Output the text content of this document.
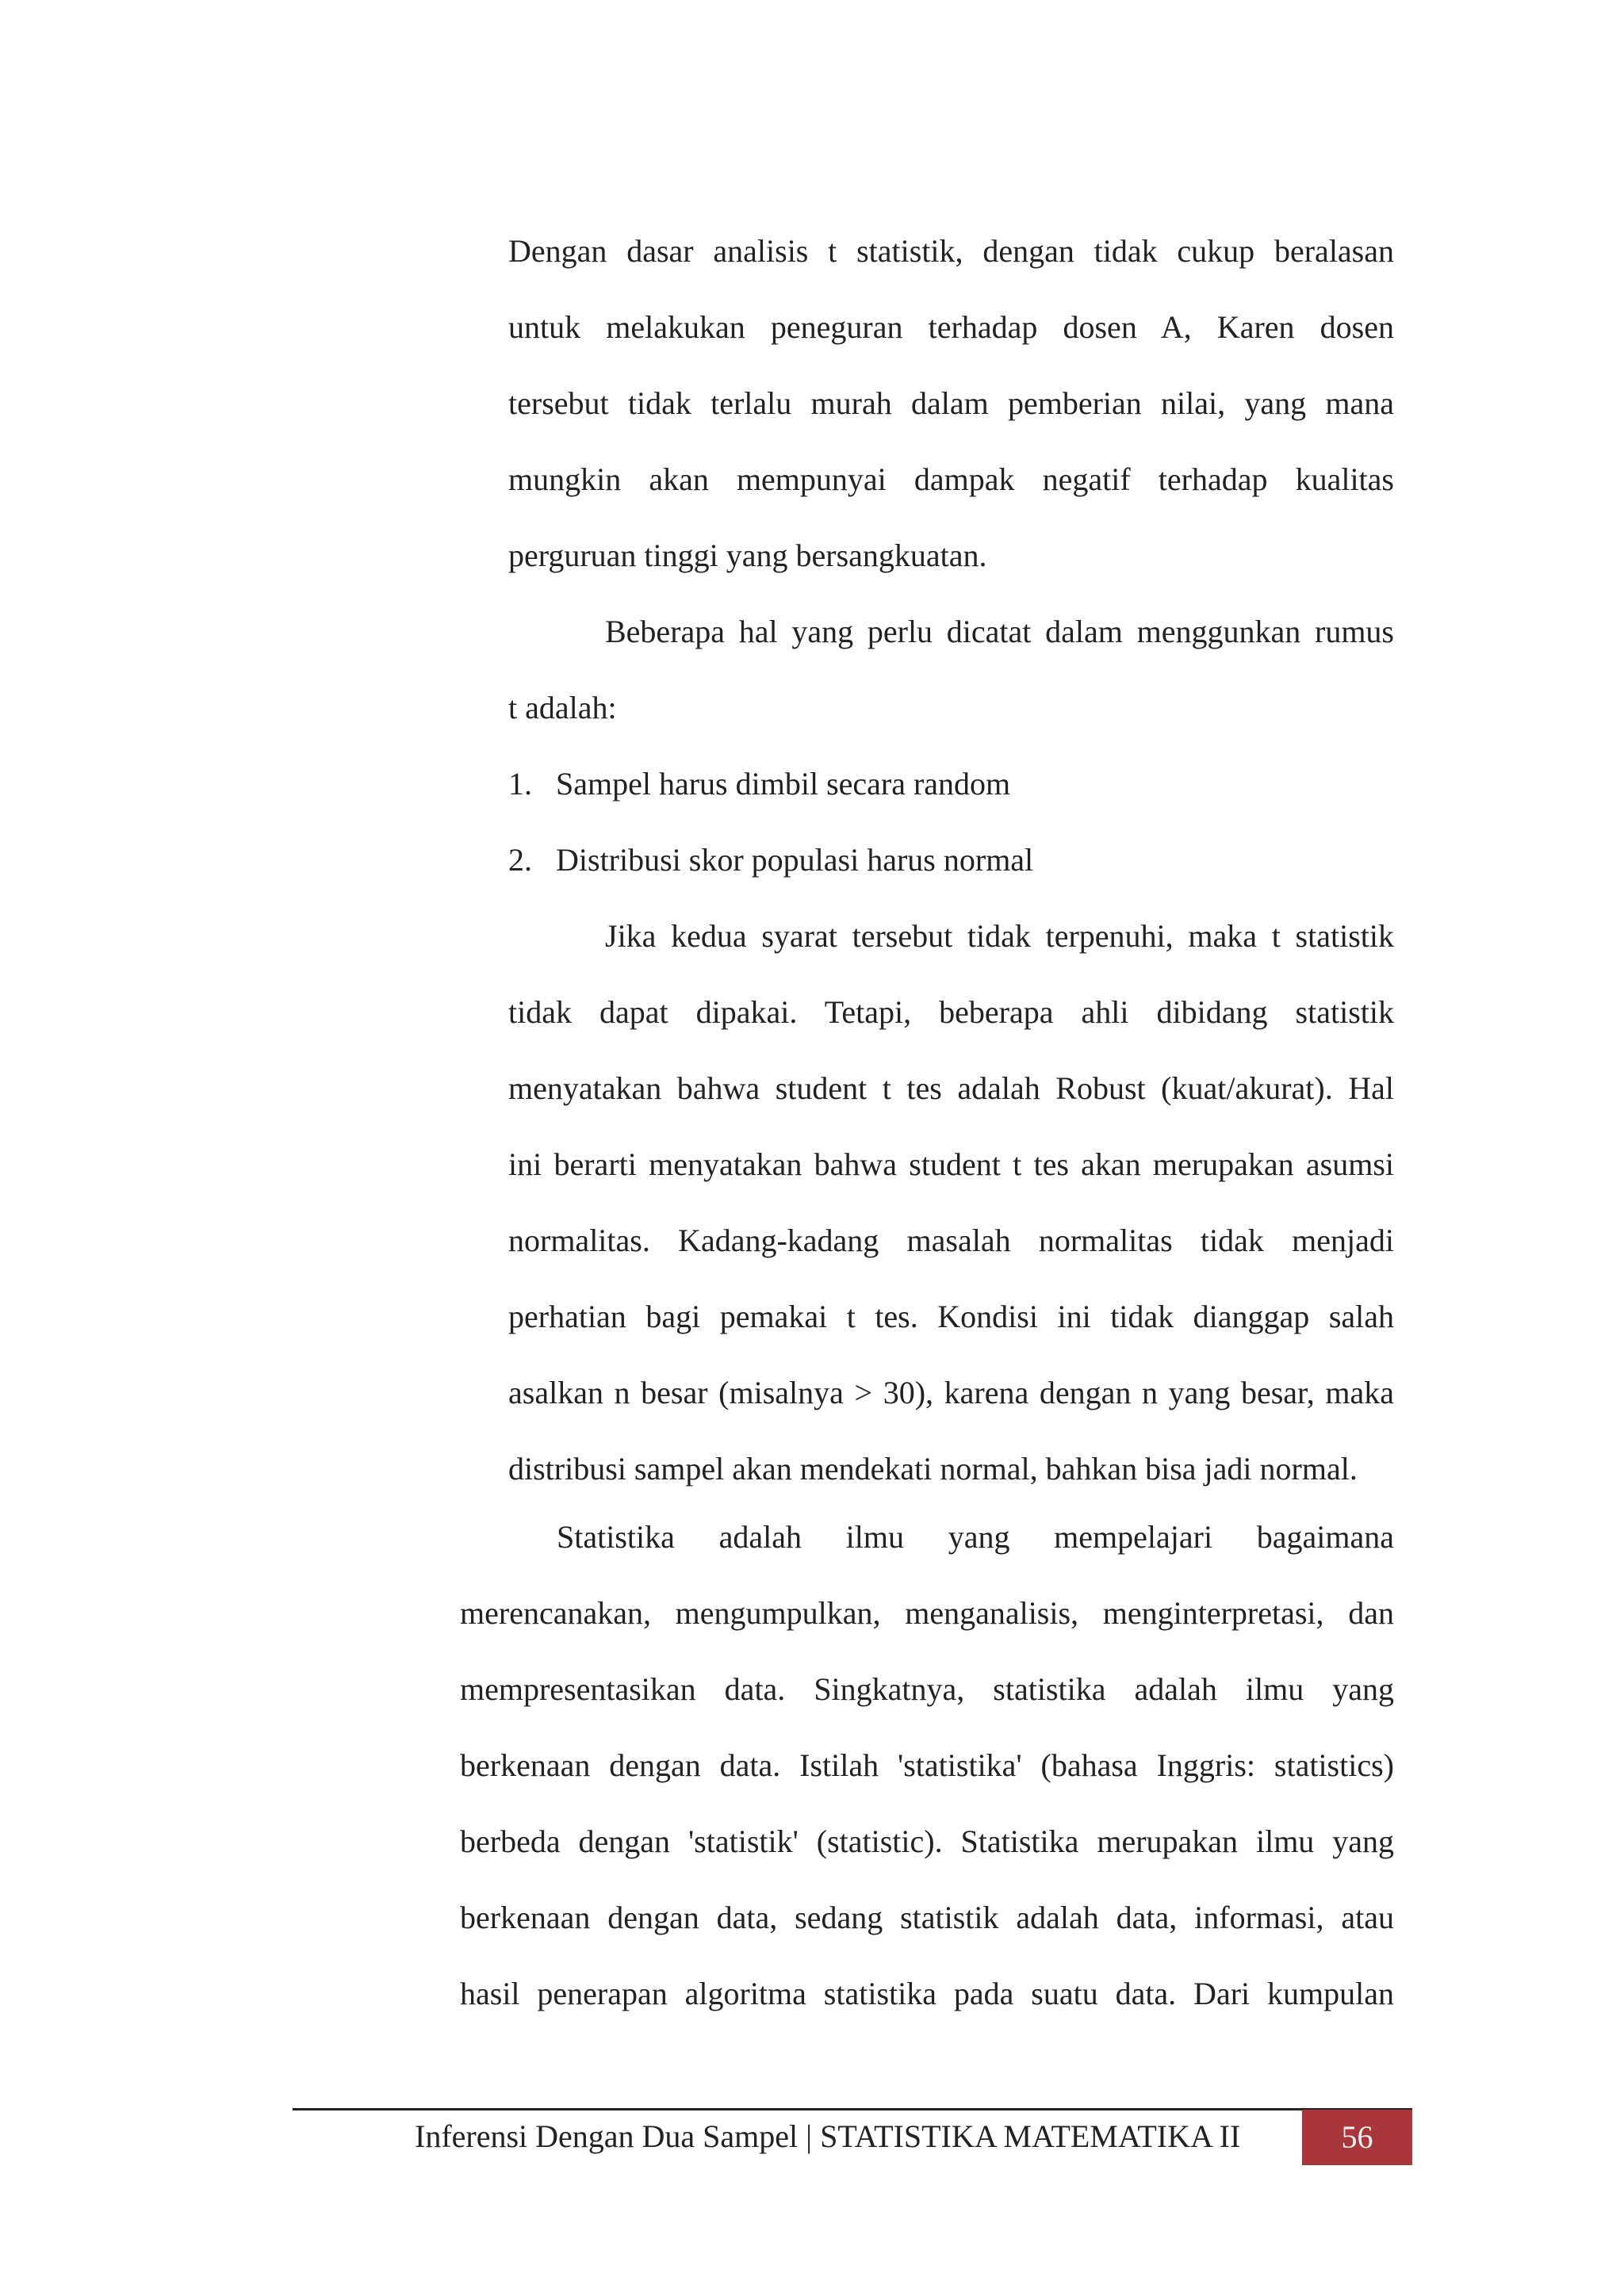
Dengan dasar analisis t statistik, dengan tidak cukup beralasan

untuk melakukan peneguran terhadap dosen A, Karen dosen

tersebut tidak terlalu murah dalam pemberian nilai, yang mana

mungkin akan mempunyai dampak negatif terhadap kualitas

perguruan tinggi yang bersangkuatan.

Beberapa hal yang perlu dicatat dalam menggunkan rumus

t adalah:

1. Sampel harus dimbil secara random
2. Distribusi skor populasi harus normal

Jika kedua syarat tersebut tidak terpenuhi, maka t statistik

tidak dapat dipakai. Tetapi, beberapa ahli dibidang statistik

menyatakan bahwa student t tes adalah Robust (kuat/akurat). Hal

ini berarti menyatakan bahwa student t tes akan merupakan asumsi

normalitas. Kadang-kadang masalah normalitas tidak menjadi

perhatian bagi pemakai t tes. Kondisi ini tidak dianggap salah

asalkan n besar (misalnya > 30), karena dengan n yang besar, maka

distribusi sampel akan mendekati normal, bahkan bisa jadi normal.

Statistika adalah ilmu yang mempelajari bagaimana

merencanakan, mengumpulkan, menganalisis, menginterpretasi, dan

mempresentasikan data. Singkatnya, statistika adalah ilmu yang

berkenaan dengan data. Istilah 'statistika' (bahasa Inggris: statistics)

berbeda dengan 'statistik' (statistic). Statistika merupakan ilmu yang

berkenaan dengan data, sedang statistik adalah data, informasi, atau

hasil penerapan algoritma statistika pada suatu data. Dari kumpulan

Inferensi Dengan Dua Sampel | STATISTIKA MATEMATIKA II	56
